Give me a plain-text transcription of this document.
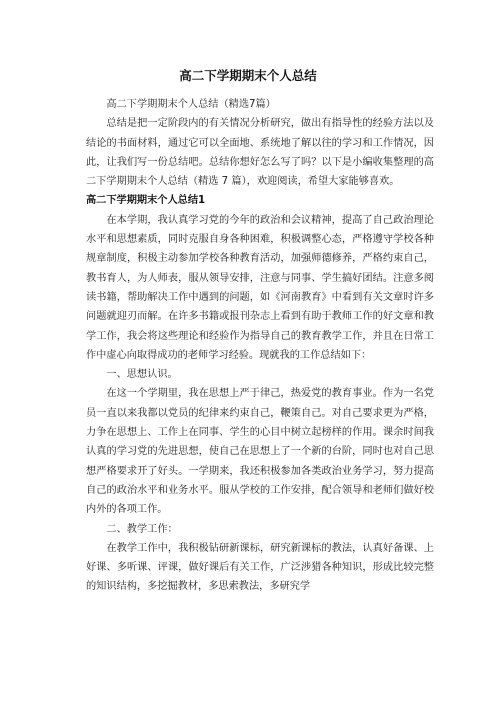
高二下学期期末个人总结

高二下学期期末个人总结（精选7篇）

总结是把一定阶段内的有关情况分析研究，做出有指导性的经验方法以及结论的书面材料，通过它可以全面地、系统地了解以往的学习和工作情况，因此，让我们写一份总结吧。总结你想好怎么写了吗？以下是小编收集整理的高二下学期期末个人总结（精选 7 篇），欢迎阅读，希望大家能够喜欢。

高二下学期期末个人总结1

在本学期，我认真学习党的今年的政治和会议精神，提高了自己政治理论水平和思想素质，同时克服自身各种困难，积极调整心态，严格遵守学校各种规章制度，积极主动参加学校各种教育活动，加强师德修养，严格约束自己，教书育人，为人师表，服从领导安排，注意与同事、学生搞好团结。注意多阅读书籍，帮助解决工作中遇到的问题，如《河南教育》中看到有关文章时许多问题就迎刃而解。在许多书籍或报刊杂志上看到有助于教师工作的好文章和教学工作，我会将这些理论和经验作为指导自己的教育教学工作，并且在日常工作中虚心向取得成功的老师学习经验。现就我的工作总结如下：

一、思想认识。

在这一个学期里，我在思想上严于律己，热爱党的教育事业。作为一名党员一直以来我都以党员的纪律来约束自己，鞭策自己。对自己要求更为严格，力争在思想上、工作上在同事、学生的心目中树立起榜样的作用。课余时间我认真的学习党的先进思想，使自己在思想上了一个新的台阶，同时也对自己思想严格要求开了好头。一学期来，我还积极参加各类政治业务学习，努力提高自己的政治水平和业务水平。服从学校的工作安排，配合领导和老师们做好校内外的各项工作。

二、教学工作：

在教学工作中，我积极钻研新课标，研究新课标的教法，认真好备课、上好课、多听课、评课，做好课后有关工作，广泛涉猎各种知识，形成比较完整的知识结构，多挖掘教材，多思索教法，多研究学
